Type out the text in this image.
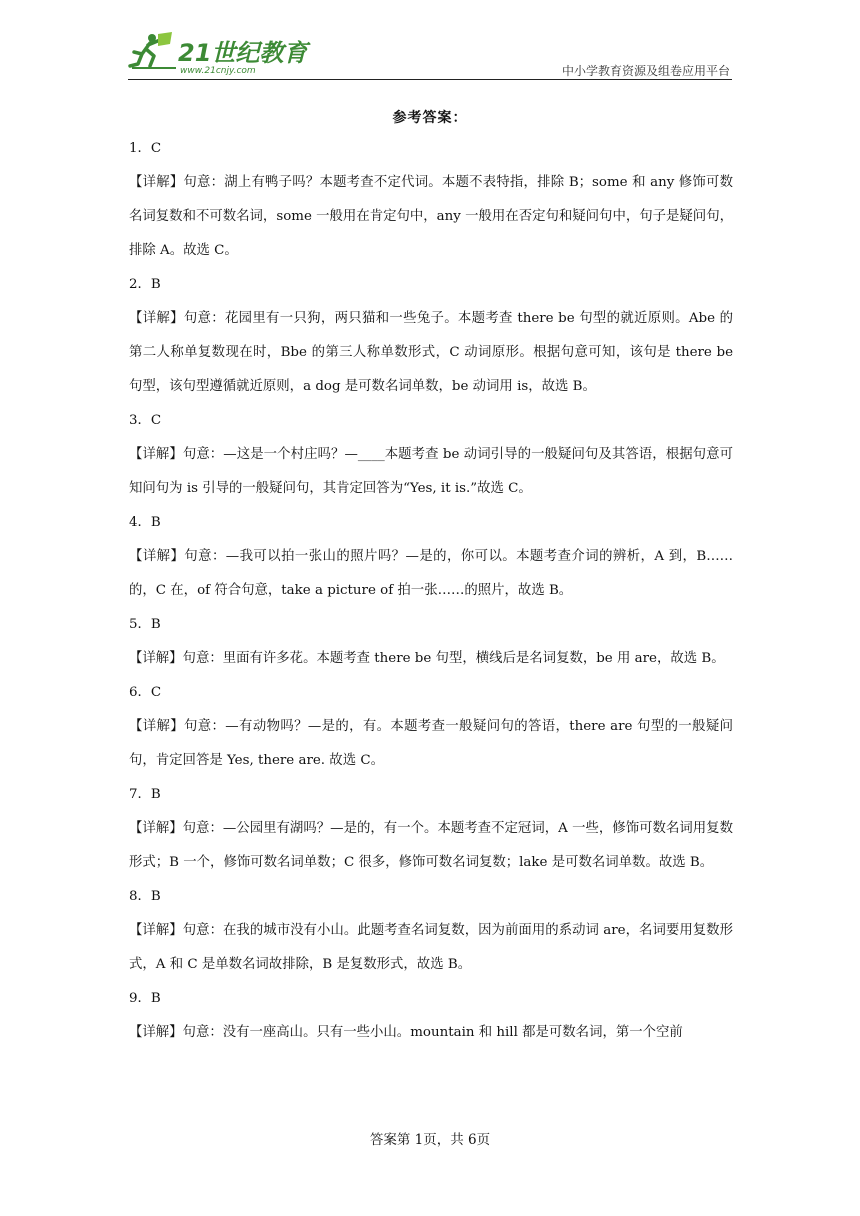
21世纪教育
www.21cnjy.com	中小学教育资源及组卷应用平台
参考答案：
1．C
【详解】句意：湖上有鸭子吗？本题考查不定代词。本题不表特指，排除 B；some 和 any 修饰可数名词复数和不可数名词，some 一般用在肯定句中，any 一般用在否定句和疑问句中，句子是疑问句，排除 A。故选 C。
2．B
【详解】句意：花园里有一只狗，两只猫和一些兔子。本题考查 there be 句型的就近原则。Abe 的第二人称单复数现在时，Bbe 的第三人称单数形式，C 动词原形。根据句意可知，该句是 there be 句型，该句型遵循就近原则，a dog 是可数名词单数，be 动词用 is，故选 B。
3．C
【详解】句意：—这是一个村庄吗？—____本题考查 be 动词引导的一般疑问句及其答语，根据句意可知问句为 is 引导的一般疑问句，其肯定回答为“Yes, it is.”故选 C。
4．B
【详解】句意：—我可以拍一张山的照片吗？—是的，你可以。本题考查介词的辨析，A 到，B……的，C 在，of 符合句意，take a picture of 拍一张……的照片，故选 B。
5．B
【详解】句意：里面有许多花。本题考查 there be 句型，横线后是名词复数，be 用 are，故选 B。
6．C
【详解】句意：—有动物吗？—是的，有。本题考查一般疑问句的答语，there are 句型的一般疑问句，肯定回答是 Yes, there are. 故选 C。
7．B
【详解】句意：—公园里有湖吗？—是的，有一个。本题考查不定冠词，A 一些，修饰可数名词用复数形式；B 一个，修饰可数名词单数；C 很多，修饰可数名词复数；lake 是可数名词单数。故选 B。
8．B
【详解】句意：在我的城市没有小山。此题考查名词复数，因为前面用的系动词 are，名词要用复数形式，A 和 C 是单数名词故排除，B 是复数形式，故选 B。
9．B
【详解】句意：没有一座高山。只有一些小山。mountain 和 hill 都是可数名词，第一个空前
答案第 1页，共 6页
